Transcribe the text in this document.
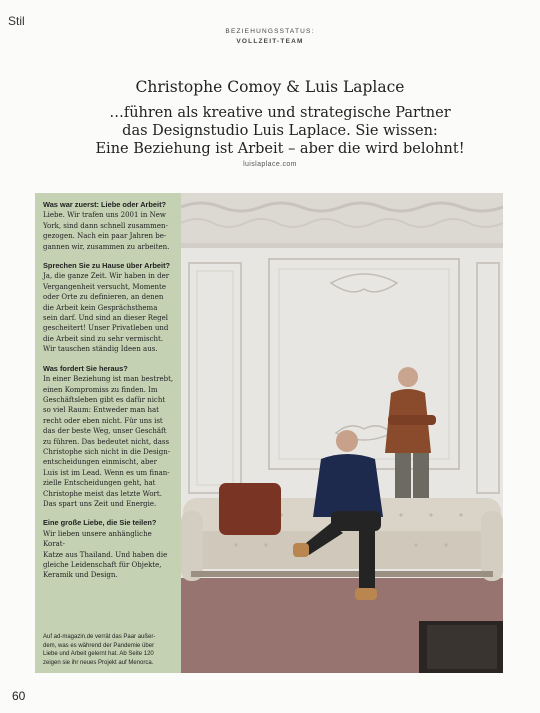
Stil
BEZIEHUNGSSTATUS:
VOLLZEIT-TEAM
Christophe Comoy & Luis Laplace
…führen als kreative und strategische Partner
das Designstudio Luis Laplace. Sie wissen:
Eine Beziehung ist Arbeit – aber die wird belohnt!
luislaplace.com
Was war zuerst: Liebe oder Arbeit?
Liebe. Wir trafen uns 2001 in New
York, sind dann schnell zusammen-
gezogen. Nach ein paar Jahren be-
gannen wir, zusammen zu arbeiten.
Sprechen Sie zu Hause über Arbeit?
Ja, die ganze Zeit. Wir haben in der
Vergangenheit versucht, Momente
oder Orte zu definieren, an denen
die Arbeit kein Gesprächsthema
sein darf. Und sind an dieser Regel
gescheitert! Unser Privatleben und
die Arbeit sind zu sehr vermischt.
Wir tauschen ständig Ideen aus.
Was fordert Sie heraus?
In einer Beziehung ist man bestrebt,
einen Kompromiss zu finden. Im
Geschäftsleben gibt es dafür nicht
so viel Raum: Entweder man hat
recht oder eben nicht. Für uns ist
das der beste Weg, unser Geschäft
zu führen. Das bedeutet nicht, dass
Christophe sich nicht in die Design-
entscheidungen einmischt, aber
Luis ist im Lead. Wenn es um finan-
zielle Entscheidungen geht, hat
Christophe meist das letzte Wort.
Das spart uns Zeit und Energie.
Eine große Liebe, die Sie teilen?
Wir lieben unsere anhängliche Korat-
Katze aus Thailand. Und haben die
gleiche Leidenschaft für Objekte,
Keramik und Design.
Auf ad-magazin.de verrät das Paar außer-
dem, was es während der Pandemie über
Liebe und Arbeit gelernt hat. Ab Seite 120
zeigen sie ihr neues Projekt auf Menorca.
60
